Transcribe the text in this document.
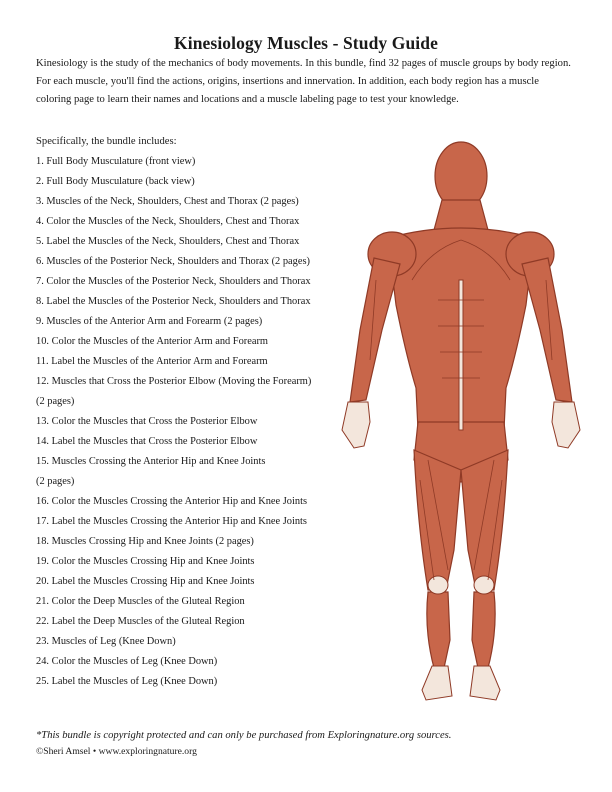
Kinesiology Muscles - Study Guide
Kinesiology is the study of the mechanics of body movements. In this bundle, find 32 pages of muscle groups by body region. For each muscle, you'll find the actions, origins, insertions and innervation. In addition, each body region has a muscle coloring page to learn their names and locations and a muscle labeling page to test your knowledge.
Specifically, the bundle includes:
1. Full Body Musculature (front view)
2. Full Body Musculature (back view)
3. Muscles of the Neck, Shoulders, Chest and Thorax (2 pages)
4. Color the Muscles of the Neck, Shoulders, Chest and Thorax
5. Label the Muscles of the Neck, Shoulders, Chest and Thorax
6. Muscles of the Posterior Neck, Shoulders and Thorax (2 pages)
7. Color the Muscles of the Posterior Neck, Shoulders and Thorax
8. Label the Muscles of the Posterior Neck, Shoulders and Thorax
9. Muscles of the Anterior Arm and Forearm (2 pages)
10. Color the Muscles of the Anterior Arm and Forearm
11. Label the Muscles of the Anterior Arm and Forearm
12. Muscles that Cross the Posterior Elbow (Moving the Forearm)
(2 pages)
13. Color the Muscles that Cross the Posterior Elbow
14. Label the Muscles that Cross the Posterior Elbow
15. Muscles Crossing the Anterior Hip and Knee Joints
(2 pages)
16. Color the Muscles Crossing the Anterior Hip and Knee Joints
17. Label the Muscles Crossing the Anterior Hip and Knee Joints
18. Muscles Crossing Hip and Knee Joints (2 pages)
19. Color the Muscles Crossing Hip and Knee Joints
20. Label the Muscles Crossing Hip and Knee Joints
21. Color the Deep Muscles of the Gluteal Region
22. Label the Deep Muscles of the Gluteal Region
23. Muscles of Leg (Knee Down)
24. Color the Muscles of Leg (Knee Down)
25. Label the Muscles of Leg (Knee Down)
*This bundle is copyright protected and can only be purchased from Exploringnature.org sources.
©Sheri Amsel • www.exploringnature.org
